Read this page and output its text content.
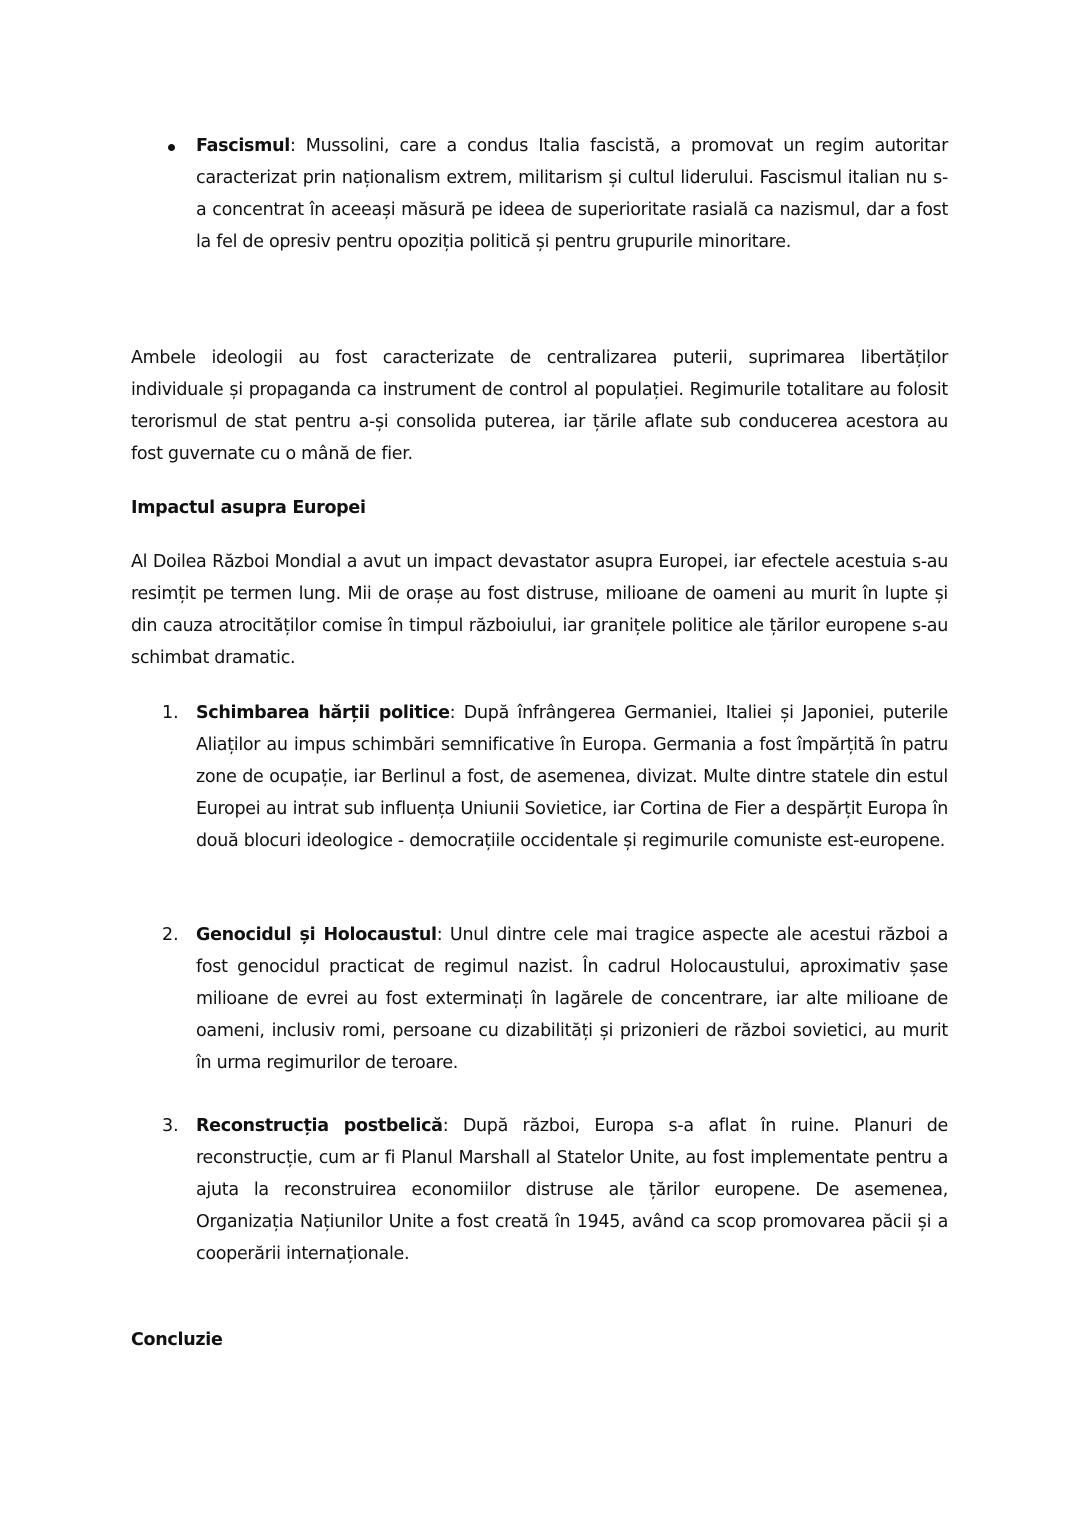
Fascismul: Mussolini, care a condus Italia fascistă, a promovat un regim autoritar caracterizat prin naționalism extrem, militarism și cultul liderului. Fascismul italian nu s-a concentrat în aceeași măsură pe ideea de superioritate rasială ca nazismul, dar a fost la fel de opresiv pentru opoziția politică și pentru grupurile minoritare.
Ambele ideologii au fost caracterizate de centralizarea puterii, suprimarea libertăților individuale și propaganda ca instrument de control al populației. Regimurile totalitare au folosit terorismul de stat pentru a-și consolida puterea, iar țările aflate sub conducerea acestora au fost guvernate cu o mână de fier.
Impactul asupra Europei
Al Doilea Război Mondial a avut un impact devastator asupra Europei, iar efectele acestuia s-au resimțit pe termen lung. Mii de orașe au fost distruse, milioane de oameni au murit în lupte și din cauza atrocităților comise în timpul războiului, iar granițele politice ale țărilor europene s-au schimbat dramatic.
1. Schimbarea hărții politice: După înfrângerea Germaniei, Italiei și Japoniei, puterile Aliaților au impus schimbări semnificative în Europa. Germania a fost împărțită în patru zone de ocupație, iar Berlinul a fost, de asemenea, divizat. Multe dintre statele din estul Europei au intrat sub influența Uniunii Sovietice, iar Cortina de Fier a despărțit Europa în două blocuri ideologice - democrațiile occidentale și regimurile comuniste est-europene.
2. Genocidul și Holocaustul: Unul dintre cele mai tragice aspecte ale acestui război a fost genocidul practicat de regimul nazist. În cadrul Holocaustului, aproximativ șase milioane de evrei au fost exterminați în lagărele de concentrare, iar alte milioane de oameni, inclusiv romi, persoane cu dizabilități și prizonieri de război sovietici, au murit în urma regimurilor de teroare.
3. Reconstrucția postbelică: După război, Europa s-a aflat în ruine. Planuri de reconstrucție, cum ar fi Planul Marshall al Statelor Unite, au fost implementate pentru a ajuta la reconstruirea economiilor distruse ale țărilor europene. De asemenea, Organizația Națiunilor Unite a fost creată în 1945, având ca scop promovarea păcii și a cooperării internaționale.
Concluzie
